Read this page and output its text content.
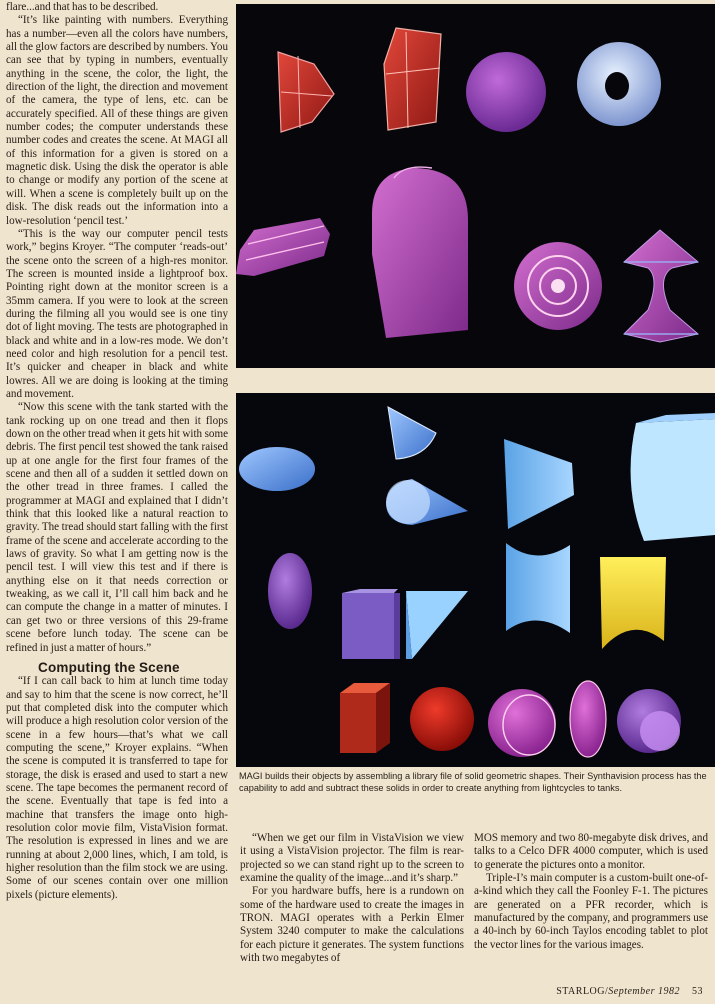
flare...and that has to be described.

“It’s like painting with numbers. Everything has a number—even all the colors have numbers, all the glow factors are described by numbers. You can see that by typing in numbers, eventually anything in the scene, the color, the light, the direction of the light, the direction and movement of the camera, the type of lens, etc. can be accurately specified. All of these things are given number codes; the computer understands these number codes and creates the scene. At MAGI all of this information for a given is stored on a magnetic disk. Using the disk the operator is able to change or modify any portion of the scene at will. When a scene is completely built up on the disk. The disk reads out the information into a low-resolution ‘pencil test.’

“This is the way our computer pencil tests work,” begins Kroyer. “The computer ‘reads-out’ the scene onto the screen of a high-res monitor. The screen is mounted inside a lightproof box. Pointing right down at the monitor screen is a 35mm camera. If you were to look at the screen during the filming all you would see is one tiny dot of light moving. The tests are photographed in black and white and in a low-res mode. We don’t need color and high resolution for a pencil test. It’s quicker and cheaper in black and white lowres. All we are doing is looking at the timing and movement.

“Now this scene with the tank started with the tank rocking up on one tread and then it flops down on the other tread when it gets hit with some debris. The first pencil test showed the tank raised up at one angle for the first four frames of the scene and then all of a sudden it settled down on the other tread in three frames. I called the programmer at MAGI and explained that I didn’t think that this looked like a natural reaction to gravity. The tread should start falling with the first frame of the scene and accelerate according to the laws of gravity. So what I am getting now is the pencil test. I will view this test and if there is anything else on it that needs correction or tweaking, as we call it, I’ll call him back and he can compute the change in a matter of minutes. I can get two or three versions of this 29-frame scene before lunch today. The scene can be refined in just a matter of hours.”

Computing the Scene

“If I can call back to him at lunch time today and say to him that the scene is now correct, he’ll put that completed disk into the computer which will produce a high resolution color version of the scene in a few hours—that’s what we call computing the scene,” Kroyer explains. “When the scene is computed it is transferred to tape for storage, the disk is erased and used to start a new scene. The tape becomes the permanent record of the scene. Eventually that tape is fed into a machine that transfers the image onto high-resolution color movie film, VistaVision format. The resolution is expressed in lines and we are running at about 2,000 lines, which, I am told, is higher resolution than the film stock we are using. Some of our scenes contain over one million pixels (picture elements).

MAGI builds their objects by assembling a library file of solid geometric shapes. Their Synthavision process has the capability to add and subtract these solids in order to create anything from lightcycles to tanks.

“When we get our film in VistaVision we view it using a VistaVision projector. The film is rear-projected so we can stand right up to the screen to examine the quality of the image...and it’s sharp.”

For you hardware buffs, here is a rundown on some of the hardware used to create the images in TRON. MAGI operates with a Perkin Elmer System 3240 computer to make the calculations for each picture it generates. The system functions with two megabytes of

MOS memory and two 80-megabyte disk drives, and talks to a Celco DFR 4000 computer, which is used to generate the pictures onto a monitor.

Triple-I’s main computer is a custom-built one-of-a-kind which they call the Foonley F-1. The pictures are generated on a PFR recorder, which is manufactured by the company, and programmers use a 40-inch by 60-inch Taylos encoding tablet to plot the vector lines for the various images.

STARLOG/September 1982 53
